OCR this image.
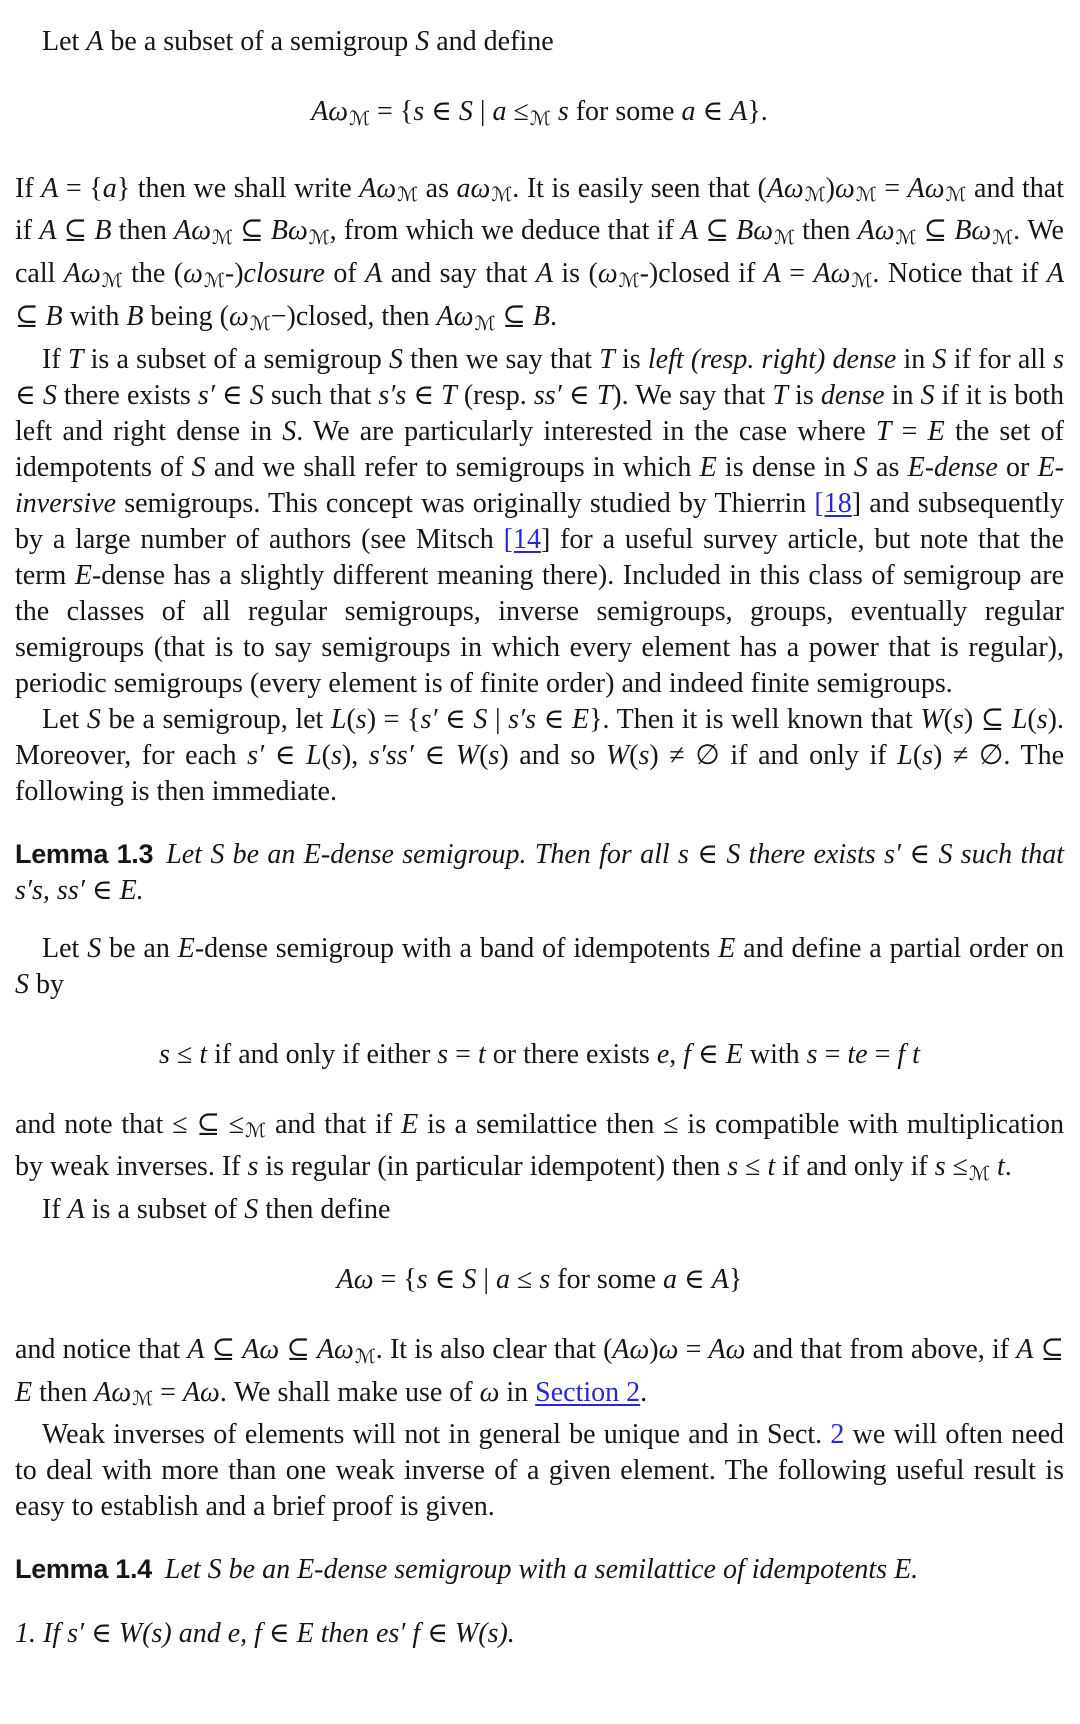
Let A be a subset of a semigroup S and define

Aωℳ = {s ∈ S | a ≤ℳ s for some a ∈ A}.

If A = {a} then we shall write Aωℳ as aωℳ. It is easily seen that (Aωℳ)ωℳ = Aωℳ and that if A ⊆ B then Aωℳ ⊆ Bωℳ, from which we deduce that if A ⊆ Bωℳ then Aωℳ ⊆ Bωℳ. We call Aωℳ the (ωℳ-)closure of A and say that A is (ωℳ-)closed if A = Aωℳ. Notice that if A ⊆ B with B being (ωℳ−)closed, then Aωℳ ⊆ B.

If T is a subset of a semigroup S then we say that T is left (resp. right) dense in S if for all s ∈ S there exists s′ ∈ S such that s′s ∈ T (resp. ss′ ∈ T). We say that T is dense in S if it is both left and right dense in S. We are particularly interested in the case where T = E the set of idempotents of S and we shall refer to semigroups in which E is dense in S as E-dense or E-inversive semigroups. This concept was originally studied by Thierrin [18] and subsequently by a large number of authors (see Mitsch [14] for a useful survey article, but note that the term E-dense has a slightly different meaning there). Included in this class of semigroup are the classes of all regular semigroups, inverse semigroups, groups, eventually regular semigroups (that is to say semigroups in which every element has a power that is regular), periodic semigroups (every element is of finite order) and indeed finite semigroups.

Let S be a semigroup, let L(s) = {s′ ∈ S | s′s ∈ E}. Then it is well known that W(s) ⊆ L(s). Moreover, for each s′ ∈ L(s), s′ss′ ∈ W(s) and so W(s) ≠ ∅ if and only if L(s) ≠ ∅. The following is then immediate.

Lemma 1.3 Let S be an E-dense semigroup. Then for all s ∈ S there exists s′ ∈ S such that s′s, ss′ ∈ E.

Let S be an E-dense semigroup with a band of idempotents E and define a partial order on S by

s ≤ t if and only if either s = t or there exists e, f ∈ E with s = te = f t

and note that ≤ ⊆ ≤ℳ and that if E is a semilattice then ≤ is compatible with multiplication by weak inverses. If s is regular (in particular idempotent) then s ≤ t if and only if s ≤ℳ t.

If A is a subset of S then define

Aω = {s ∈ S | a ≤ s for some a ∈ A}

and notice that A ⊆ Aω ⊆ Aωℳ. It is also clear that (Aω)ω = Aω and that from above, if A ⊆ E then Aωℳ = Aω. We shall make use of ω in Section 2.

Weak inverses of elements will not in general be unique and in Sect. 2 we will often need to deal with more than one weak inverse of a given element. The following useful result is easy to establish and a brief proof is given.

Lemma 1.4 Let S be an E-dense semigroup with a semilattice of idempotents E.

1. If s′ ∈ W(s) and e, f ∈ E then es′ f ∈ W(s).
